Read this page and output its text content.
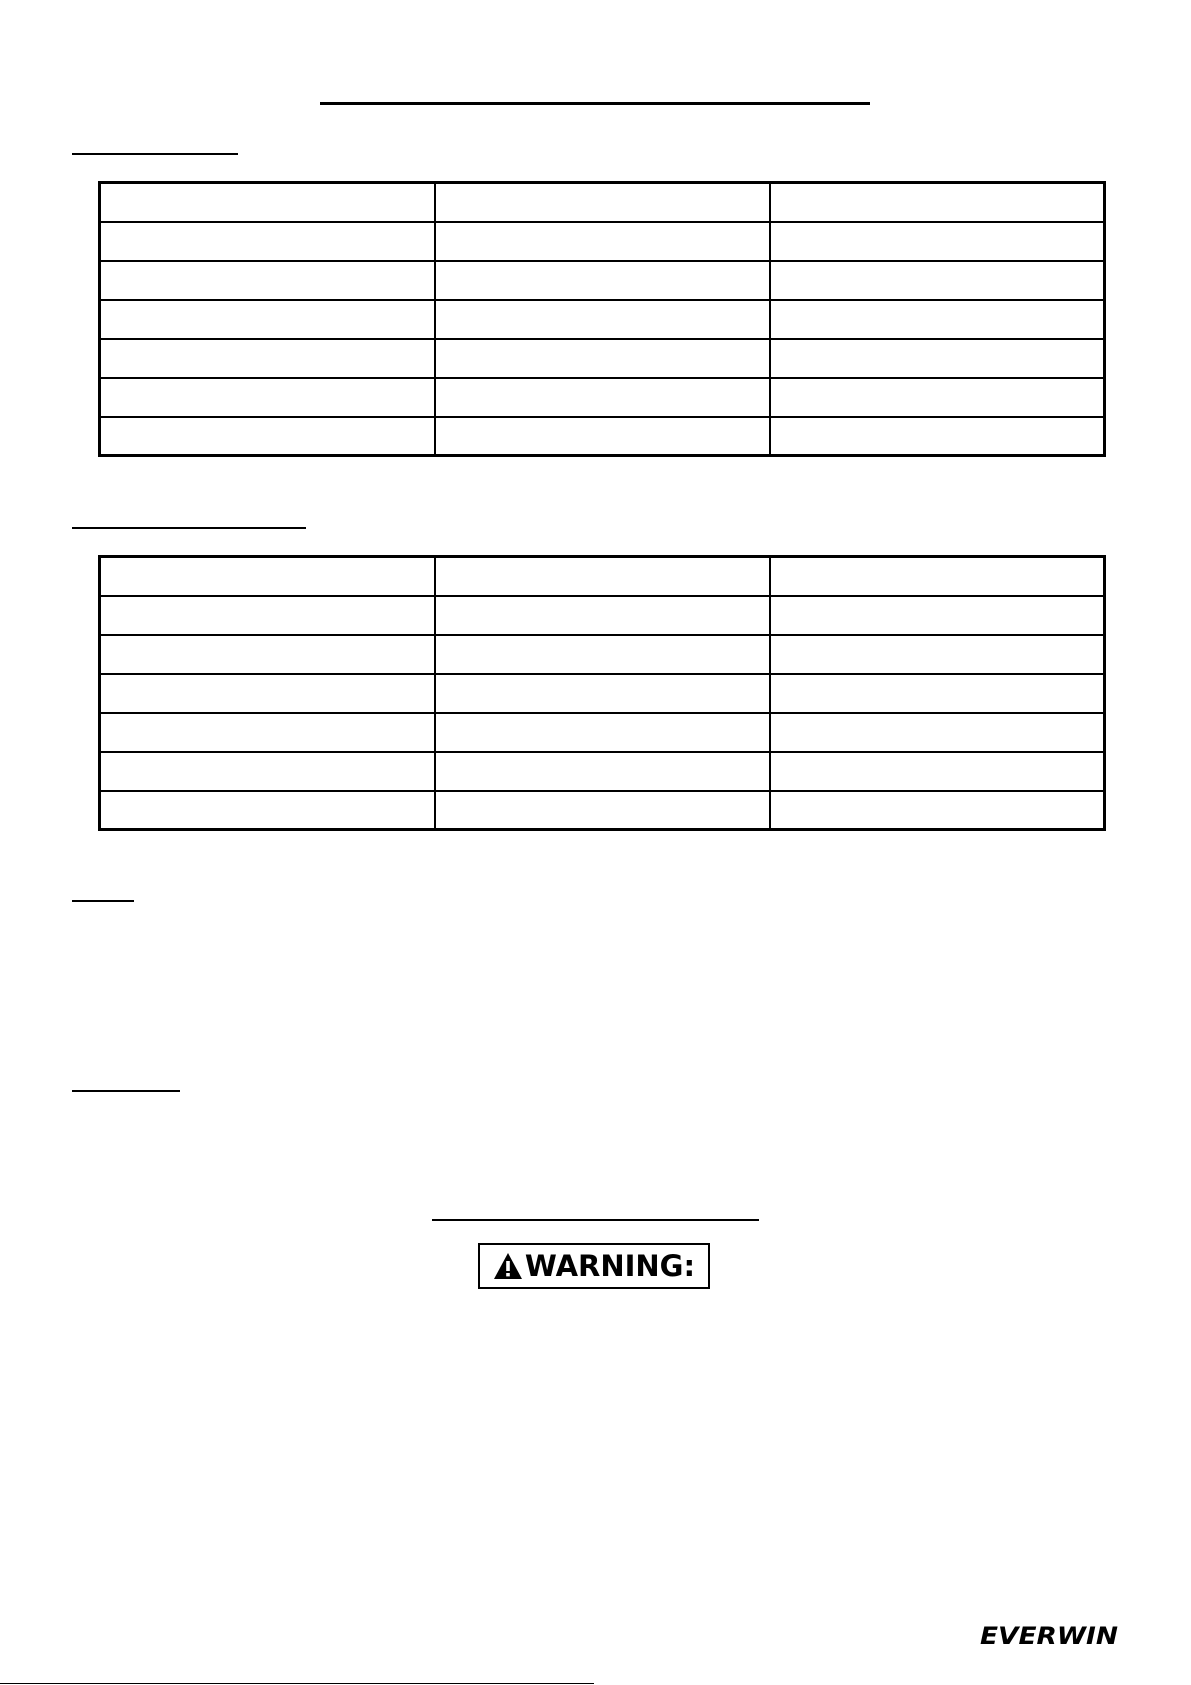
WARNING:
EVERWIN
